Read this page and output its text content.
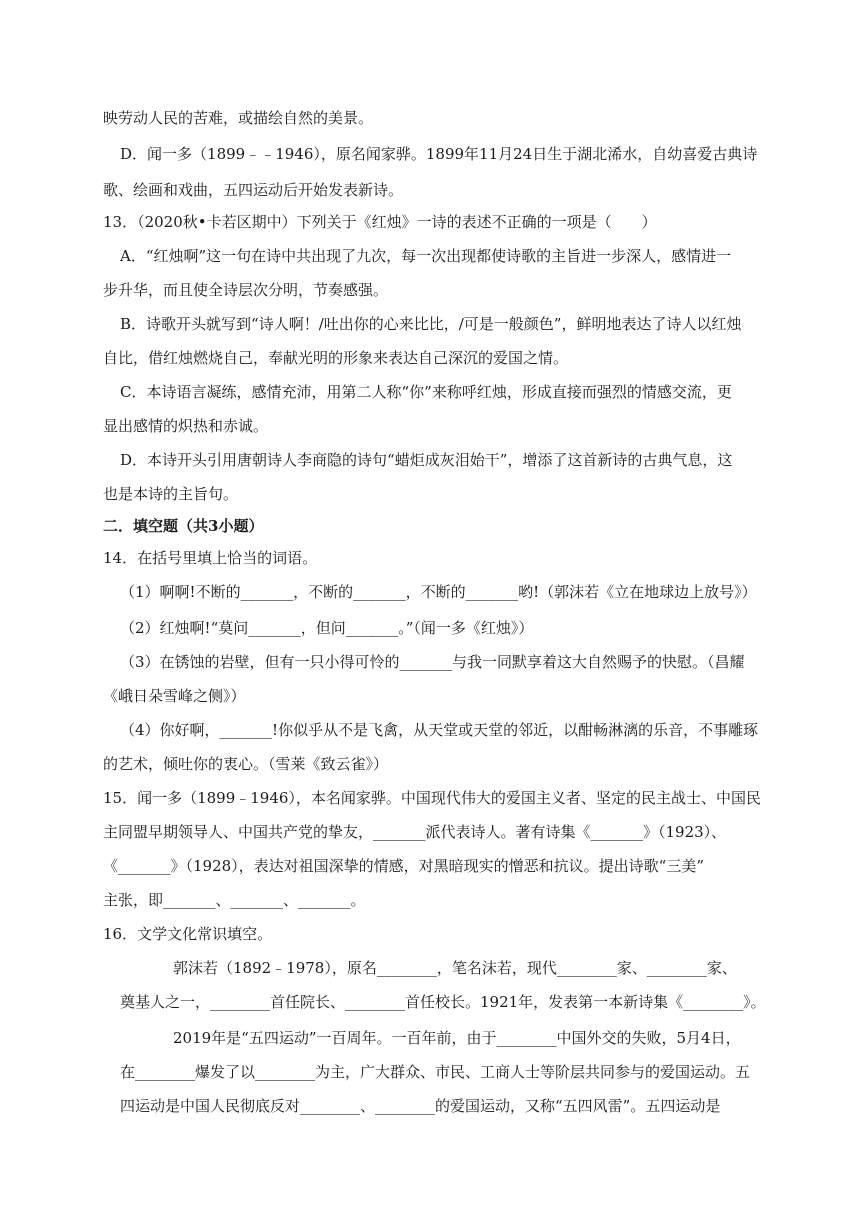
映劳动人民的苦难，或描绘自然的美景。
D．闻一多（1899﹣﹣1946），原名闻家骅。1899年11月24日生于湖北浠水，自幼喜爱古典诗
歌、绘画和戏曲，五四运动后开始发表新诗。
13．（2020秋•卡若区期中）下列关于《红烛》一诗的表述不正确的一项是（　　）
A．“红烛啊”这一句在诗中共出现了九次，每一次出现都使诗歌的主旨进一步深人，感情进一
步升华，而且使全诗层次分明，节奏感强。
B．诗歌开头就写到“诗人啊！/吐出你的心来比比，/可是一般颜色”，鲜明地表达了诗人以红烛
自比，借红烛燃烧自己，奉献光明的形象来表达自己深沉的爱国之情。
C．本诗语言凝练，感情充沛，用第二人称“你”来称呼红烛，形成直接而强烈的情感交流，更
显出感情的炽热和赤诚。
D．本诗开头引用唐朝诗人李商隐的诗句“蜡炬成灰泪始干”，增添了这首新诗的古典气息，这
也是本诗的主旨句。
二．填空题（共3小题）
14．在括号里填上恰当的词语。
（1）啊啊!不断的_______，不断的_______，不断的_______哟!（郭沫若《立在地球边上放号》）
（2）红烛啊!“莫问_______，但问_______。”（闻一多《红烛》）
（3）在锈蚀的岩壁，但有一只小得可怜的_______与我一同默享着这大自然赐予的快慰。（昌耀
《峨日朵雪峰之侧》）
（4）你好啊，_______!你似乎从不是飞禽，从天堂或天堂的邻近，以酣畅淋漓的乐音，不事雕琢
的艺术，倾吐你的衷心。（雪莱《致云雀》）
15．闻一多（1899﹣1946），本名闻家骅。中国现代伟大的爱国主义者、坚定的民主战士、中国民
主同盟早期领导人、中国共产党的挚友，_______派代表诗人。著有诗集《_______》（1923）、
《_______》（1928），表达对祖国深挚的情感，对黑暗现实的憎恶和抗议。提出诗歌“三美”
主张，即_______、_______、_______。
16．文学文化常识填空。
郭沫若（1892﹣1978），原名________，笔名沫若，现代________家、________家、
奠基人之一，________首任院长、________首任校长。1921年，发表第一本新诗集《________》。
2019年是“五四运动”一百周年。一百年前，由于________中国外交的失败，5月4日，
在________爆发了以________为主，广大群众、市民、工商人士等阶层共同参与的爱国运动。五
四运动是中国人民彻底反对________、________的爱国运动，又称“五四风雷”。五四运动是
